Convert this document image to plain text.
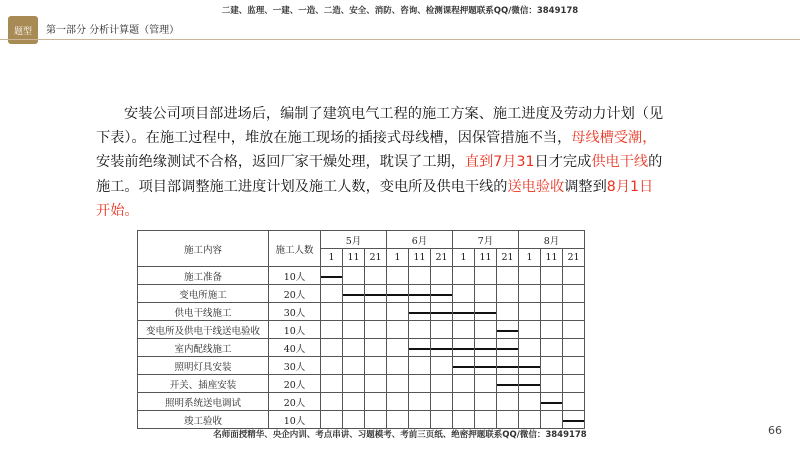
二建、监理、一建、一造、二造、安全、消防、咨询、检测课程押题联系QQ/微信：3849178
题型	第一部分 分析计算题（管理）
安装公司项目部进场后，编制了建筑电气工程的施工方案、施工进度及劳动力计划（见下表）。在施工过程中，堆放在施工现场的插接式母线槽，因保管措施不当，母线槽受潮，安装前绝缘测试不合格，返回厂家干燥处理，耽误了工期，直到7月31日才完成供电干线的施工。项目部调整施工进度计划及施工人数，变电所及供电干线的送电验收调整到8月1日开始。
施工内容	施工人数	5月			6月			7月			8月		
		1	11	21	1	11	21	1	11	21	1	11	21
施工准备	10人	

变电所施工	20人		

供电干线施工	30人					

变电所及供电干线送电验收	10人									

室内配线施工	40人					

照明灯具安装	30人							

开关、插座安装	20人									

照明系统送电调试	20人											

竣工验收	10人												
名师面授精华、央企内训、考点串讲、习题模考、考前三页纸、绝密押题联系QQ/微信：3849178	66
